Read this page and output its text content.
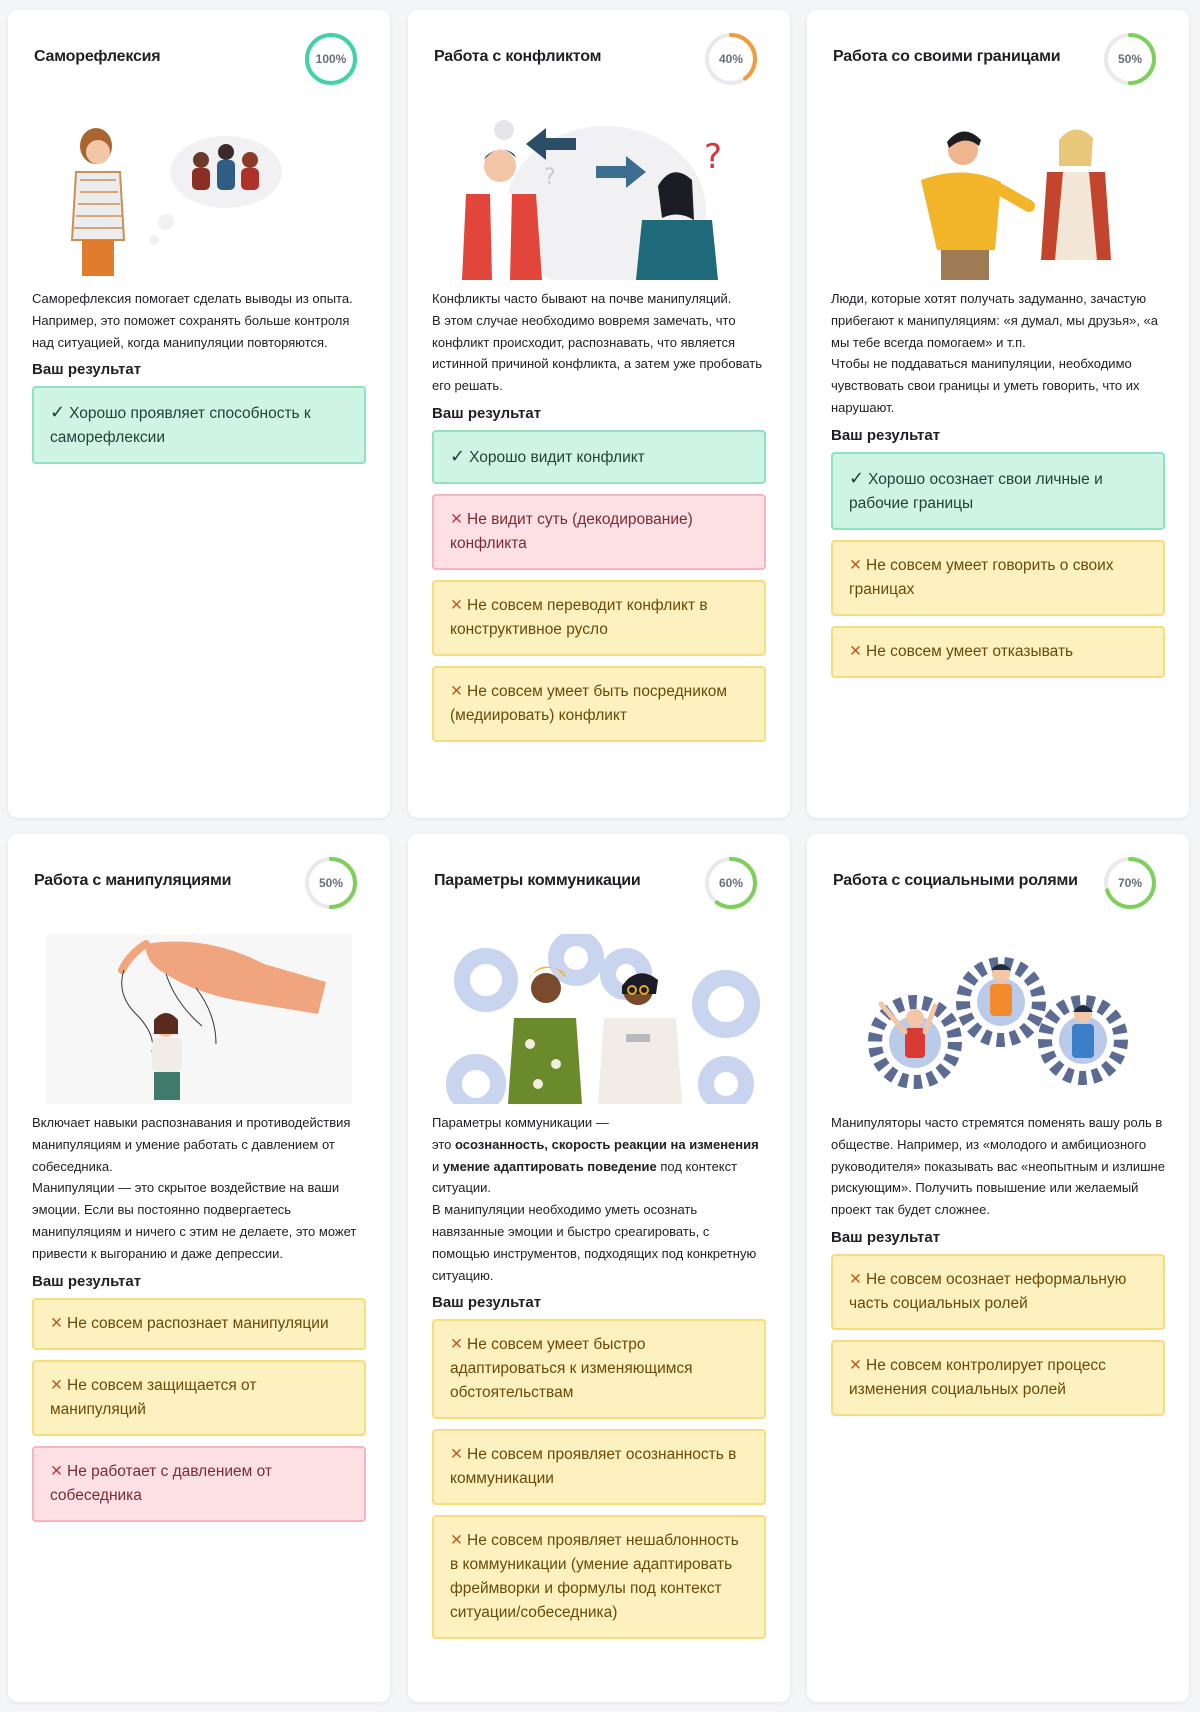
Саморефлексия	100%

Саморефлексия помогает сделать выводы из опыта.

Например, это поможет сохранять больше контроля над ситуацией, когда манипуляции повторяются.

Ваш результат
✓ Хорошо проявляет способность к саморефлексии
Работа с конфликтом	40%
?
?

Конфликты часто бывают на почве манипуляций.

В этом случае необходимо вовремя замечать, что конфликт происходит, распознавать, что является истинной причиной конфликта, а затем уже пробовать его решать.

Ваш результат
✓ Хорошо видит конфликт
✕ Не видит суть (декодирование) конфликта
✕ Не совсем переводит конфликт в конструктивное русло
✕ Не совсем умеет быть посредником (медиировать) конфликт
Работа со своими границами	50%

Люди, которые хотят получать задуманно, зачастую прибегают к манипуляциям: «я думал, мы друзья», «а мы тебе всегда помогаем» и т.п.

Чтобы не поддаваться манипуляции, необходимо чувствовать свои границы и уметь говорить, что их нарушают.

Ваш результат
✓ Хорошо осознает свои личные и рабочие границы
✕ Не совсем умеет говорить о своих границах
✕ Не совсем умеет отказывать
Работа с манипуляциями	50%

Включает навыки распознавания и противодействия манипуляциям и умение работать с давлением от собеседника.

Манипуляции — это скрытое воздействие на ваши эмоции. Если вы постоянно подвергаетесь манипуляциям и ничего с этим не делаете, это может привести к выгоранию и даже депрессии.

Ваш результат
✕ Не совсем распознает манипуляции
✕ Не совсем защищается от манипуляций
✕ Не работает с давлением от собеседника
Параметры коммуникации	60%

Параметры коммуникации —

это осознанность, скорость реакции на изменения и умение адаптировать поведение под контекст ситуации.

В манипуляции необходимо уметь осознать навязанные эмоции и быстро среагировать, с помощью инструментов, подходящих под конкретную ситуацию.

Ваш результат
✕ Не совсем умеет быстро адаптироваться к изменяющимся обстоятельствам
✕ Не совсем проявляет осознанность в коммуникации
✕ Не совсем проявляет нешаблонность в коммуникации (умение адаптировать фреймворки и формулы под контекст ситуации/собеседника)
Работа с социальными ролями	70%

Манипуляторы часто стремятся поменять вашу роль в обществе. Например, из «молодого и амбициозного руководителя» показывать вас «неопытным и излишне рискующим». Получить повышение или желаемый проект так будет сложнее.

Ваш результат
✕ Не совсем осознает неформальную часть социальных ролей
✕ Не совсем контролирует процесс изменения социальных ролей
